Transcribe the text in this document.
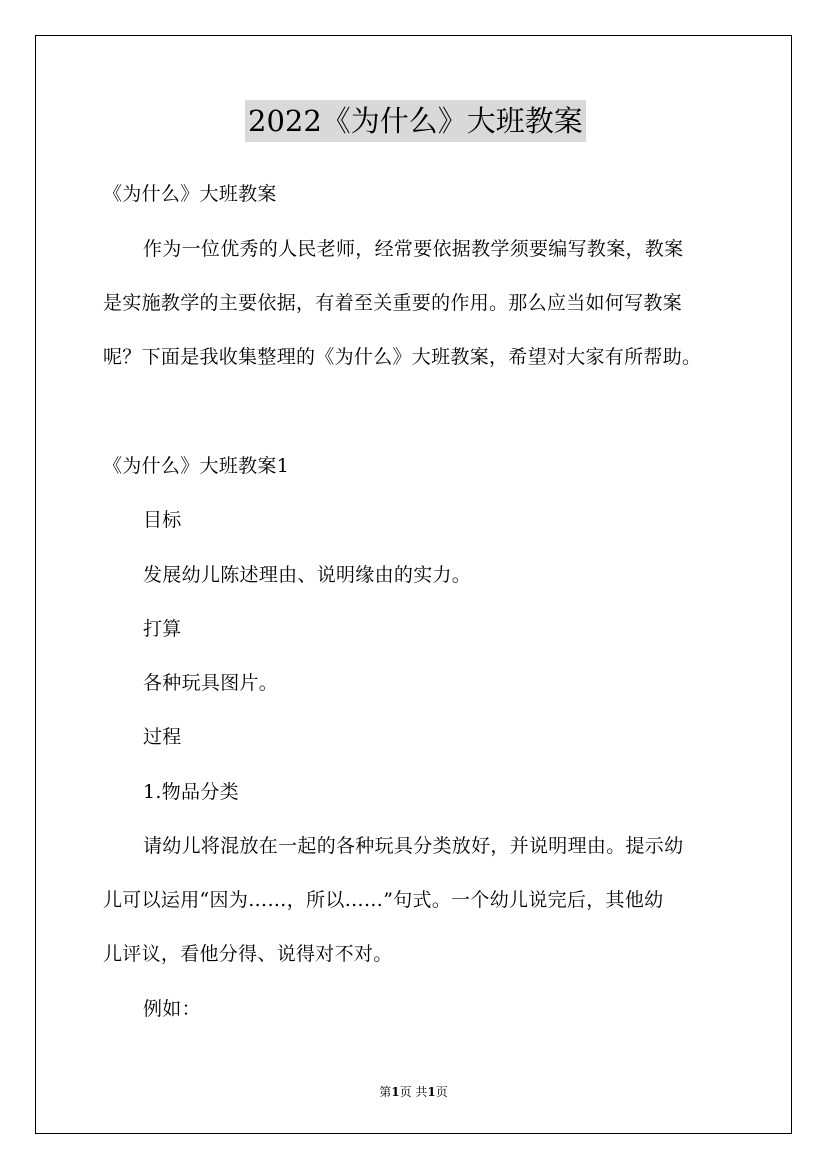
2022《为什么》大班教案
《为什么》大班教案
作为一位优秀的人民老师，经常要依据教学须要编写教案，教案
是实施教学的主要依据，有着至关重要的作用。那么应当如何写教案
呢？下面是我收集整理的《为什么》大班教案，希望对大家有所帮助。
《为什么》大班教案1
目标
发展幼儿陈述理由、说明缘由的实力。
打算
各种玩具图片。
过程
1.物品分类
请幼儿将混放在一起的各种玩具分类放好，并说明理由。提示幼
儿可以运用“因为……，所以……”句式。一个幼儿说完后，其他幼
儿评议，看他分得、说得对不对。
例如：
第1页 共1页
